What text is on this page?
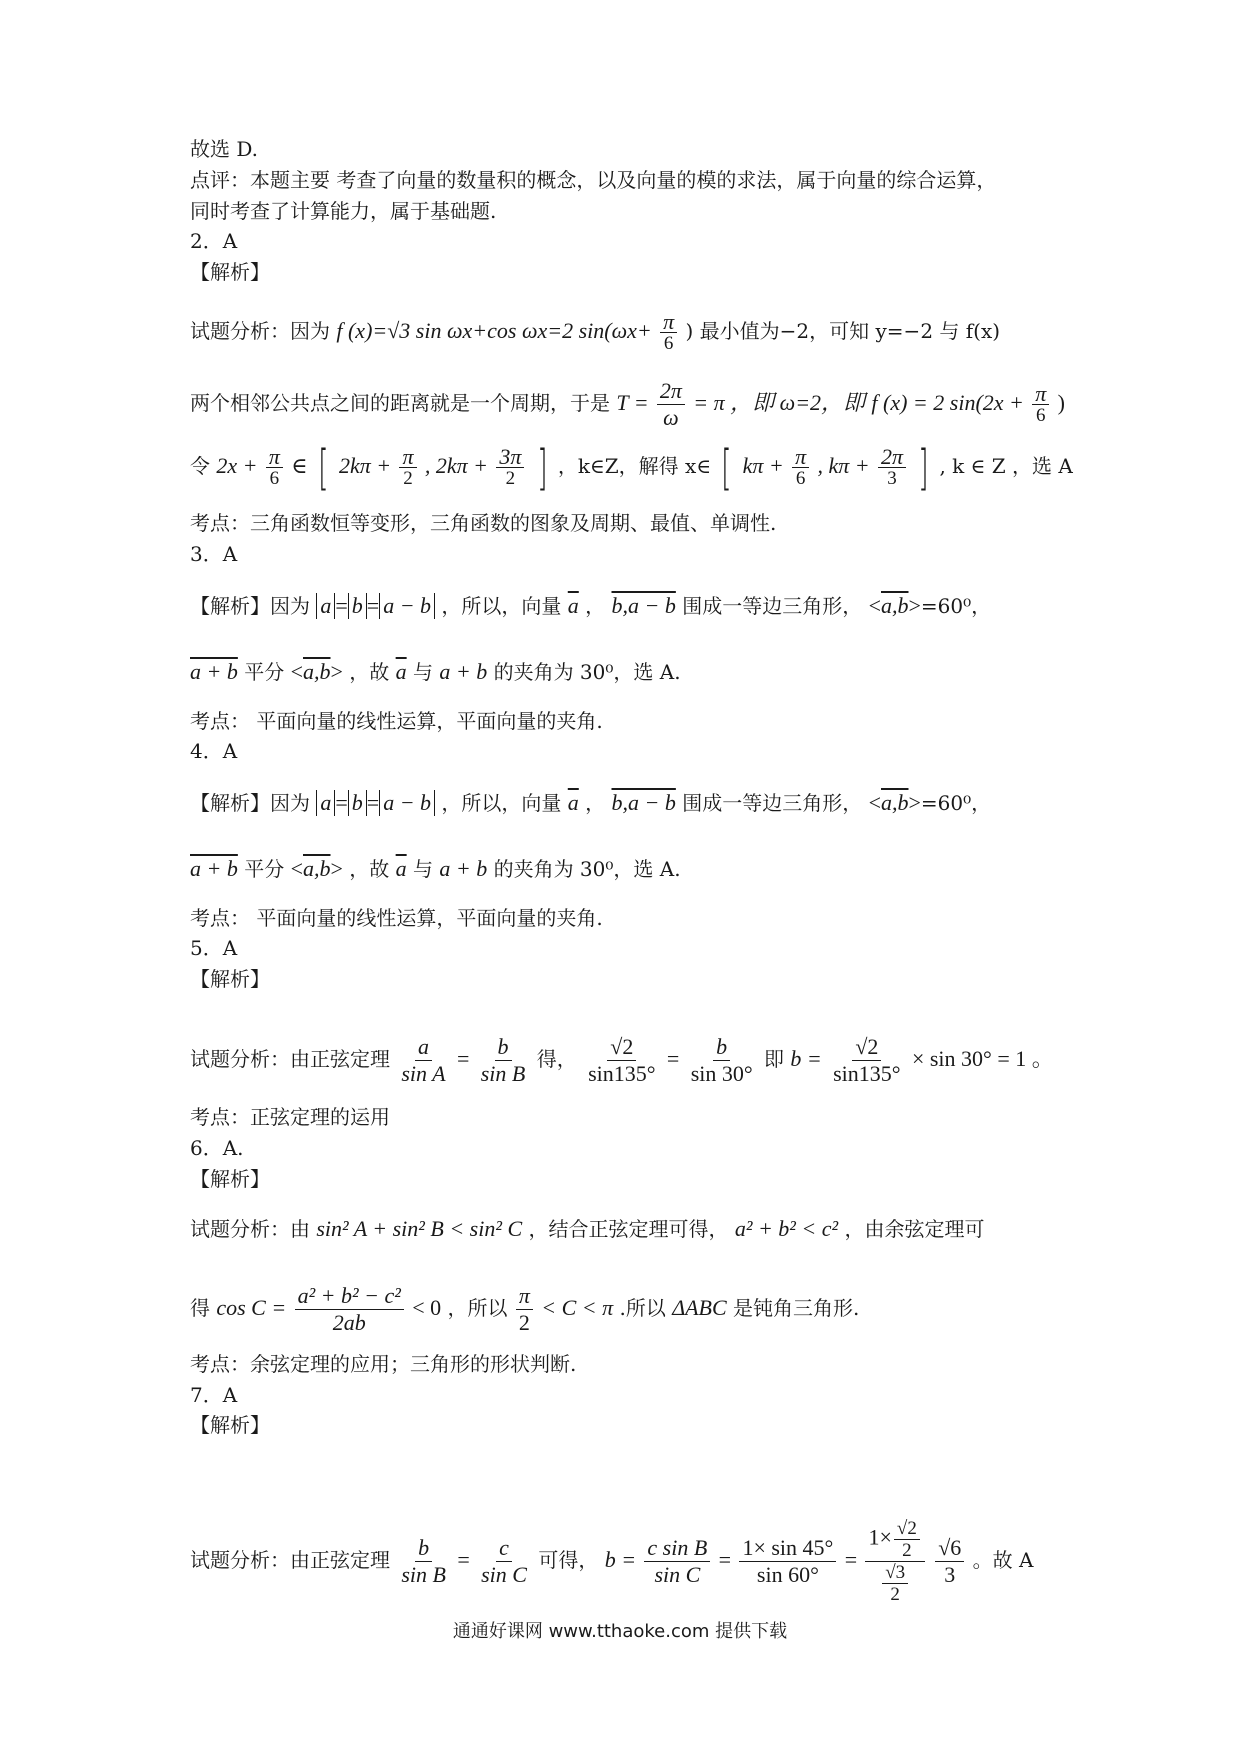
故选 D.
点评：本题主要 考查了向量的数量积的概念，以及向量的模的求法，属于向量的综合运算，
同时考查了计算能力，属于基础题.
2．A
【解析】
试题分析：因为 f (x)=√3 sin ωx+cos ωx=2 $\sin(\omega x+ \frac{\pi}{6}$ ) 最小值为−2，可知 y=−2 与 f(x)
两个相邻公共点之间的距离就是一个周期，于是 $T = \frac{2\pi}{\omega} = \pi$ ，即 ω=2，即 f (x) = 2 $\sin(2x + \frac{\pi}{6}$ )
令 $2x + \frac{\pi}{6}$ ∈ [ $2k\pi + \frac{\pi}{2}$ , $2k\pi + \frac{3\pi}{2}$ ] ，k∈Z，解得 x∈ [ $k\pi + \frac{\pi}{6}$ , $k\pi + \frac{2\pi}{3}$ ] , k ∈ Z ，选 A
考点：三角函数恒等变形，三角函数的图象及周期、最值、单调性.
3．A
【解析】因为 a = b = a − b ，所以，向量 $\overline{a}$ ， $\overline{b},a - b$ 围成一等边三角形， <a,b>=60⁰，
a + b 平分 <a,b> ，故 $\overline{a}$ 与 a + b 的夹角为 30⁰，选 A.
考点： 平面向量的线性运算，平面向量的夹角.
4．A
【解析】因为 a = b = a − b ，所以，向量 $\overline{a}$ ， $\overline{b},a - b$ 围成一等边三角形， <a,b>=60⁰，
a + b 平分 <a,b> ，故 $\overline{a}$ 与 a + b 的夹角为 30⁰，选 A.
考点： 平面向量的线性运算，平面向量的夹角.
5．A
【解析】
试题分析：由正弦定理 $\frac{a}{\text{sin A}} = \frac{b}{\text{sin B}}$ 得， $\frac{√2}{\sin 135^\circ} = \frac{b}{\sin 30^\circ}$ 即 $b = \frac{√2}{\sin 135^\circ} \times \sin 30^\circ = 1$ 。
考点：正弦定理的运用
6．A.
【解析】
试题分析：由 sin² A + sin² B < sin² C ，结合正弦定理可得， a² + b² < c² ，由余弦定理可
得 $\cos C = \frac{\text{a² + b² − c²}}{2ab} < 0$ ，所以 $\frac{\pi}{2} < C < \pi$ .所以 ΔABC 是钝角三角形.
考点：余弦定理的应用；三角形的形状判断.
7．A
【解析】
试题分析：由正弦定理 $\frac{b}{\text{sin B}} = \frac{c}{\text{sin C}}$ 可得， $b = \frac{\text{c sin B}}{\text{sin C}} = \frac{1\times \sin 45^\circ}{\sin 60^\circ} = \frac{1\times \frac{√2}{2}}{\frac{√3}{2}}$
$\frac{√6}{3}$ 。故 A
通通好课网 www.tthaoke.com 提供下载
